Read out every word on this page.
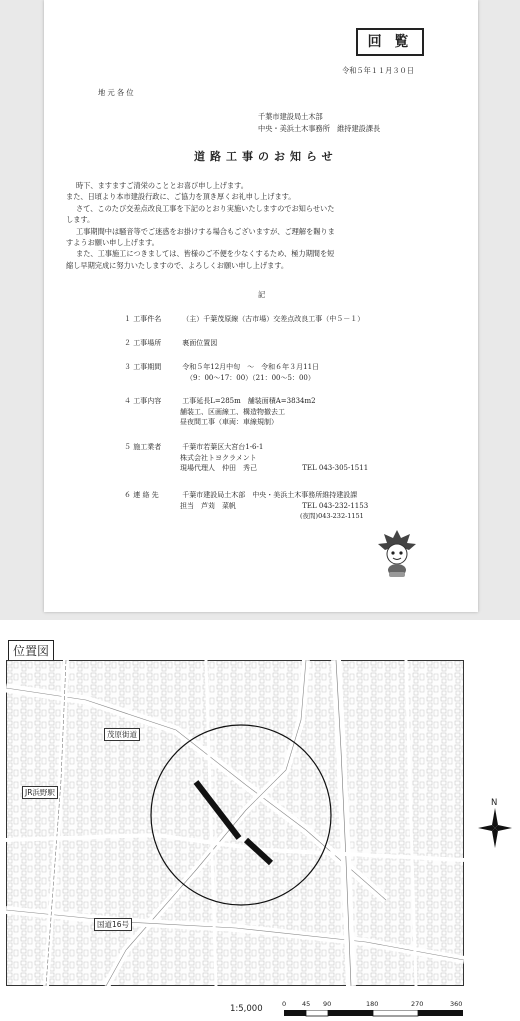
回 覧
令和５年１１月３０日
地 元 各 位
千葉市建設局土木部
中央・美浜土木事務所　維持建設課長
道路工事のお知らせ
時下、ますますご清栄のこととお喜び申し上げます。
また、日頃より本市建設行政に、ご協力を頂き厚くお礼申し上げます。
さて、このたび交差点改良工事を下記のとおり実施いたしますのでお知らせいた
します。
工事期間中は騒音等でご迷惑をお掛けする場合もございますが、ご理解を賜りま
すようお願い申し上げます。
また、工事施工につきましては、皆様のご不便を少なくするため、極力期間を短
縮し早期完成に努力いたしますので、よろしくお願い申し上げます。
記
１ 工事件名	（主）千葉茂原線（古市場）交差点改良工事（中５－１）
２ 工事場所	裏面位置図
３ 工事期間	令和５年12月中旬　～　令和６年３月11日
（9：00～17：00）（21：00～5：00）
４ 工事内容	工事延長L=285m　舗装面積A=3834m2
舗装工、区画線工、構造物撤去工
昼夜間工事（車両：車線規制）
５ 施工業者	千葉市若葉区大宮台1-6-1
株式会社トヨクラメント
現場代理人　仲田　秀己	TEL 043-305-1511
６ 連 絡 先	千葉市建設局土木部　中央・美浜土木事務所維持建設課
担当　芦苅　菜帆	TEL 043-232-1153
(夜間)043-232-1151
位置図
茂原街道
JR浜野駅
国道16号
N
1:5,000	0 45 90	180	270	360
